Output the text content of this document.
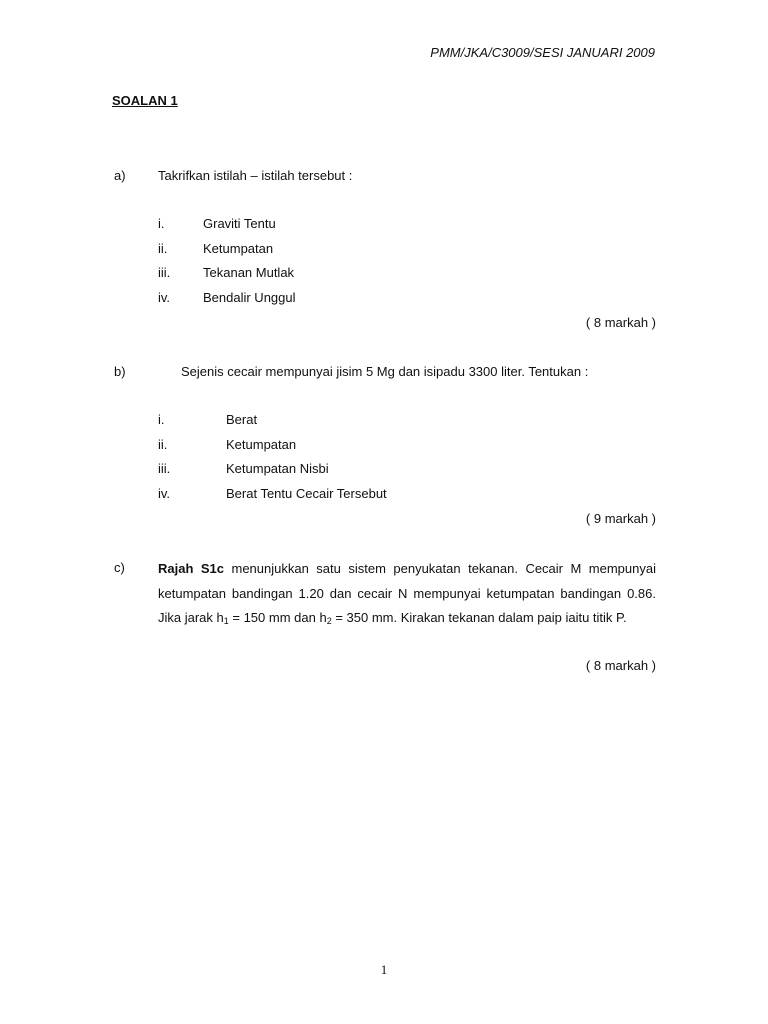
PMM/JKA/C3009/SESI JANUARI 2009
SOALAN 1
a) Takrifkan istilah – istilah tersebut :
i.	Graviti Tentu
ii.	Ketumpatan
iii.	Tekanan Mutlak
iv.	Bendalir Unggul
( 8 markah )
b)	Sejenis cecair mempunyai jisim 5 Mg dan isipadu 3300 liter. Tentukan :
i.	Berat
ii.	Ketumpatan
iii.	Ketumpatan Nisbi
iv.	Berat Tentu Cecair Tersebut
( 9 markah )
c)	Rajah S1c menunjukkan satu sistem penyukatan tekanan. Cecair M mempunyai ketumpatan bandingan 1.20 dan cecair N mempunyai ketumpatan bandingan 0.86. Jika jarak $h_1 = 150$ mm dan $h_2 = 350$ mm. Kirakan tekanan dalam paip iaitu titik P.
( 8 markah )
1
